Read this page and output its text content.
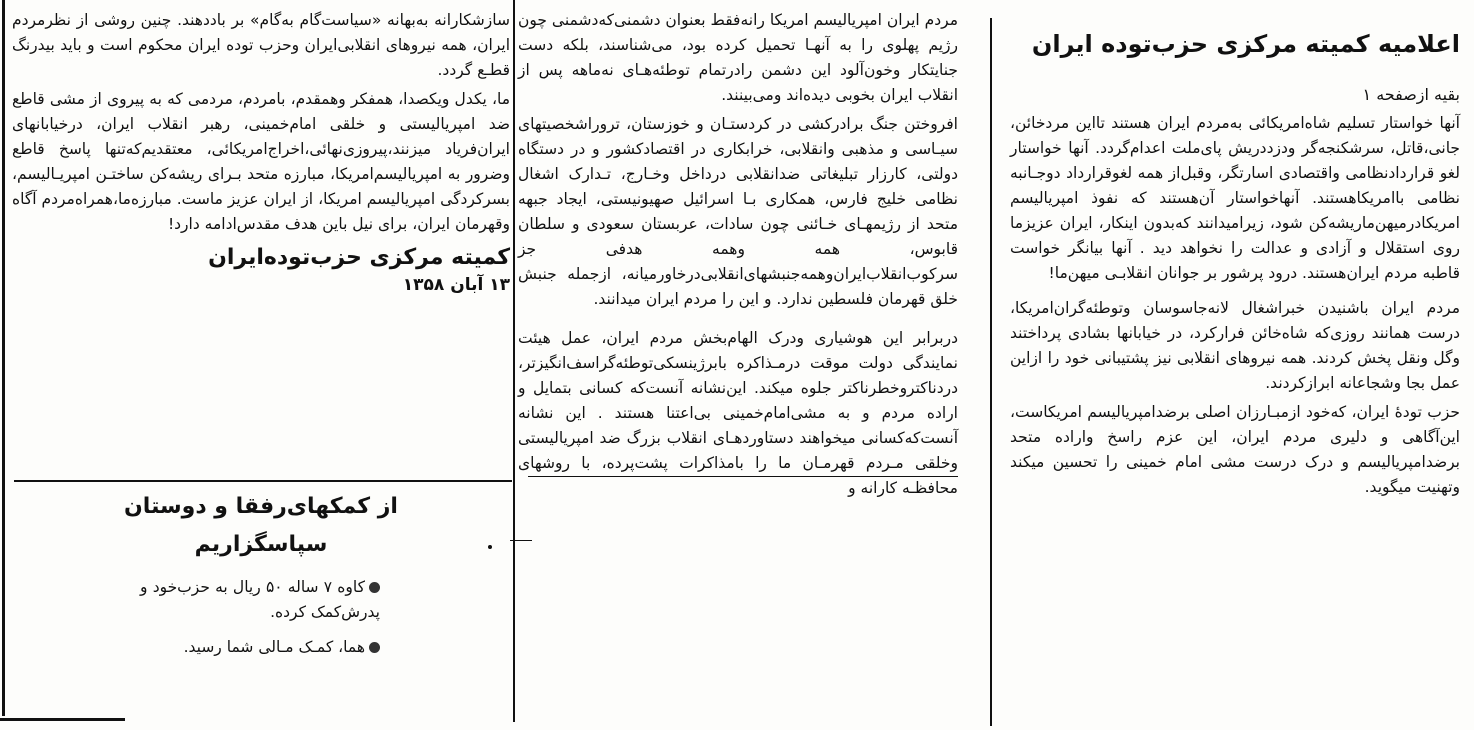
اعلامیه کمیته مرکزی حزب‌توده ایران
بقیه ازصفحه ۱

آنها خواستار تسلیم شاه‌امریکائی به‌مردم ایران هستند تااین مردخائن، جانی،قاتل، سرشکنجه‌گر ودزددریش پای‌ملت اعدام‌گردد. آنها خواستار لغو قراردادنظامی واقتصادی اسارتگر، وقبل‌از همه لغوقرارداد دوجـانبه نظامی باامریکاهستند. آنهاخواستار آن‌هستند که نفوذ امپریالیسم امریکادرمیهن‌ماریشه‌کن شود، زیرامیدانند که‌بدون اینکار، ایران عزیزما روی استقلال و آزادی و عدالت را نخواهد دید . آنها بیانگر خواست قاطبه مردم ایران‌هستند. درود پرشور بر جوانان انقلابـی میهن‌ما!

مردم ایران باشنیدن خبراشغال لانه‌جاسوسان وتوطئه‌گران‌امریکا، درست همانند روزی‌که شاه‌خائن فرارکرد، در خیابانها بشادی پرداختند وگل ونقل پخش کردند. همه نیروهای انقلابی نیز پشتیبانی خود را ازاین عمل بجا وشجاعانه ابرازکردند.

حزب تودۀ ایران، که‌خود ازمبـارزان اصلی برضدامپریالیسم امریکاست، این‌آگاهی و دلیری مردم ایران، این عزم راسخ واراده متحد برضدامپریالیسم و درک درست مشی امام خمینی را تحسین میکند وتهنیت میگوید.

مردم ایران امپریالیسم امریکا رانه‌فقط بعنوان دشمنی‌که‌دشمنی چون رژیم پهلوی را به آنهـا تحمیل کرده بود، می‌شناسند، بلکه دست جنایتکار وخون‌آلود این دشمن رادرتمام توطئه‌هـای نه‌ماهه پس از انقلاب ایران بخوبی دیده‌اند ومی‌بینند.

افروختن جنگ برادرکشی در کردستـان و خوزستان، تروراشخصیتهای سیـاسی و مذهبی وانقلابی، خرابکاری در اقتصادکشور و در دستگاه دولتی، کارزار تبلیغاتی ضدانقلابی درداخل وخـارج، تـدارک اشغال نظامی خلیج فارس، همکاری بـا اسرائیل صهیونیستی، ایجاد جبهه متحد از رژیمهـای خـائنی چون سادات، عربستان سعودی و سلطان قابوس، همه وهمه هدفی جز سرکوب‌انقلاب‌ایران‌وهمه‌جنبشهای‌انقلابی‌درخاورمیانه، ازجمله جنبش خلق قهرمان فلسطین ندارد. و این را مردم ایران میدانند.

دربرابر این هوشیاری ودرک الهام‌بخش مردم ایران، عمل هیئت نمایندگی دولت موقت درمـذاکره بابرژینسکی‌توطئه‌گراسف‌انگیزتر، دردناکتروخطرناکتر جلوه میکند. این‌نشانه آنست‌که کسانی بتمایل و اراده مردم و به مشی‌امام‌خمینی بی‌اعتنا هستند . این نشانه آنست‌که‌کسانی میخواهند دستاوردهـای انقلاب بزرگ ضد امپریالیستی وخلقی مـردم قهرمـان ما را بامذاکرات پشت‌پرده، با روشهای محافظـه کارانه و

سازشکارانه به‌بهانه «سیاست‌گام به‌گام» بر باددهند. چنین روشی از نظرمردم ایران، همه نیروهای انقلابی‌ایران وحزب توده ایران محکوم است و باید بیدرنگ قطـع گردد.

ما، یکدل ویکصدا، همفکر وهمقدم، بامردم، مردمی که به پیروی از مشی قاطع ضد امپریالیستی و خلقی امام‌خمینی، رهبر انقلاب ایران، درخیابانهای ایران‌فریاد میزنند،پیروزی‌نهائی،اخراج‌امریکائی، معتقدیم‌که‌تنها پاسخ قاطع وضرور به امپریالیسم‌امریکا، مبارزه متحد بـرای ریشه‌کن ساختـن امپریـالیسم، بسرکردگی امپریالیسم امریکا، از ایران عزیز ماست. مبارزه‌ما،همراه‌مردم آگاه وقهرمان ایران، برای نیل باین هدف مقدس‌ادامه دارد!

کمیته مرکزی حزب‌توده‌ایران
۱۳ آبان ۱۳۵۸
از کمکهای‌رفقا و دوستان
سپاسگزاریم

کاوه ۷ ساله ۵۰ ریال به حزب‌خود و پدرش‌کمک کرده.

هما، کمـک مـالی شما رسید.
